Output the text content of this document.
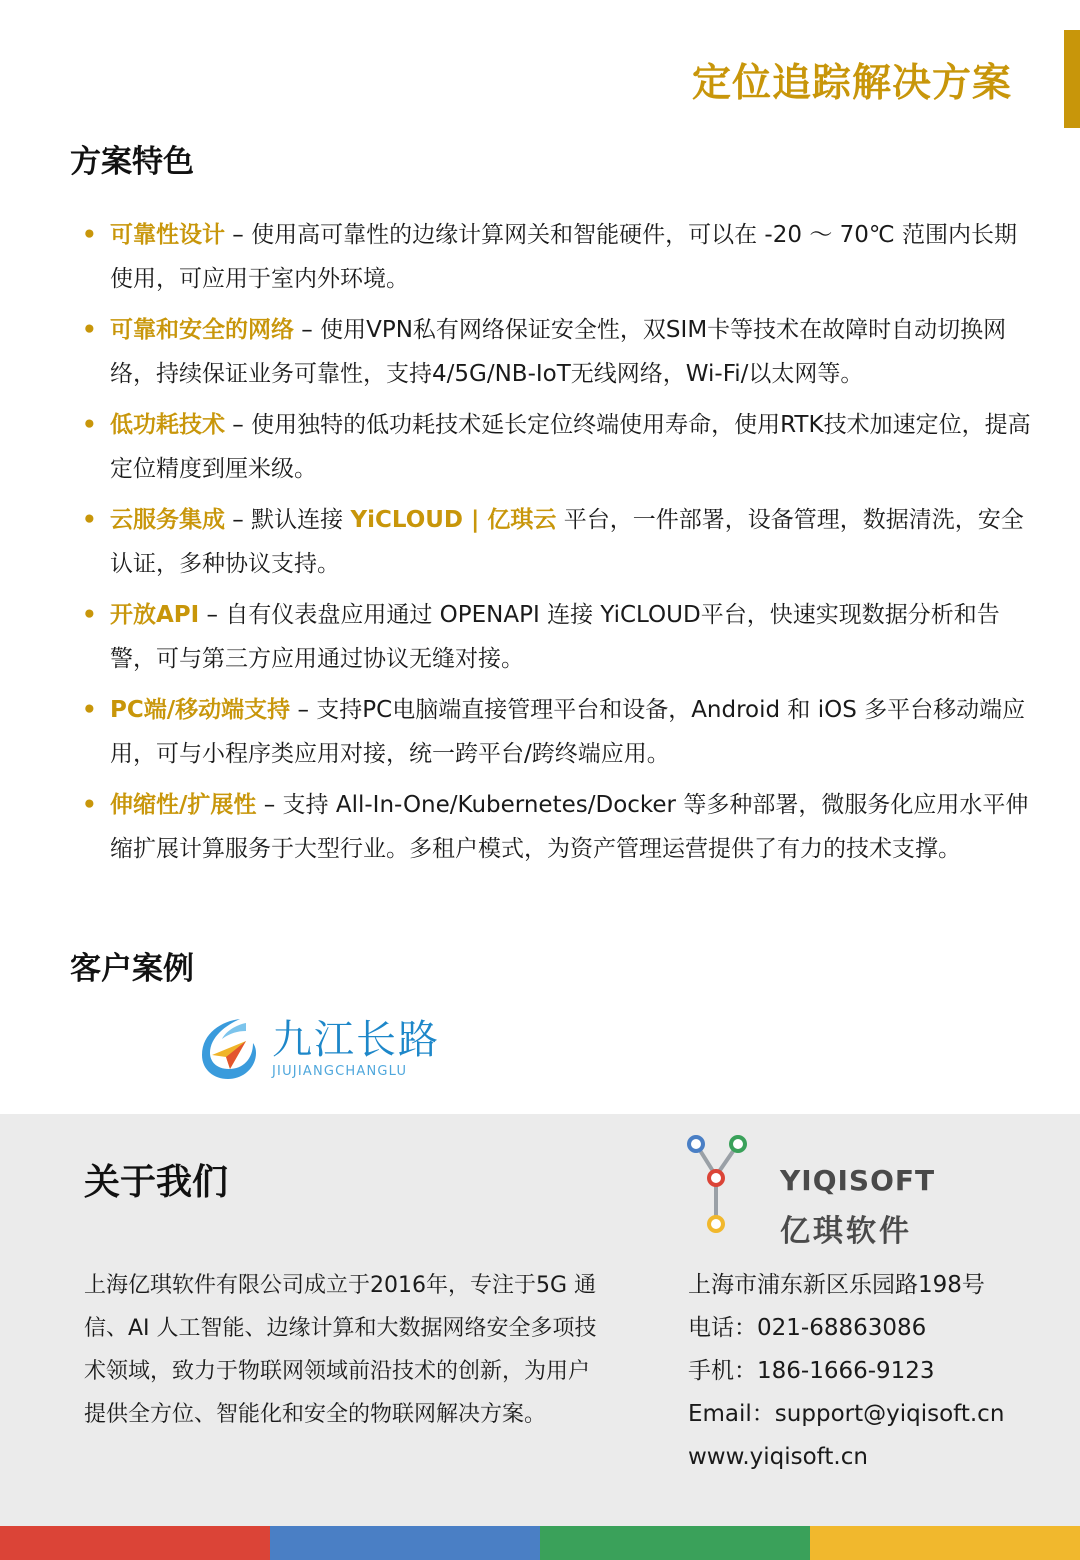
定位追踪解决方案
方案特色
• 可靠性设计 – 使用高可靠性的边缘计算网关和智能硬件，可以在 -20 ～ 70℃ 范围内长期使用，可应用于室内外环境。
• 可靠和安全的网络 – 使用VPN私有网络保证安全性，双SIM卡等技术在故障时自动切换网络，持续保证业务可靠性，支持4/5G/NB-IoT无线网络，Wi-Fi/以太网等。
• 低功耗技术 – 使用独特的低功耗技术延长定位终端使用寿命，使用RTK技术加速定位，提高定位精度到厘米级。
• 云服务集成 – 默认连接 YiCLOUD | 亿琪云 平台，一件部署，设备管理，数据清洗，安全认证，多种协议支持。
• 开放API – 自有仪表盘应用通过 OPENAPI 连接 YiCLOUD平台，快速实现数据分析和告警，可与第三方应用通过协议无缝对接。
• PC端/移动端支持 – 支持PC电脑端直接管理平台和设备，Android 和 iOS 多平台移动端应用，可与小程序类应用对接，统一跨平台/跨终端应用。
• 伸缩性/扩展性 – 支持 All-In-One/Kubernetes/Docker 等多种部署，微服务化应用水平伸缩扩展计算服务于大型行业。多租户模式，为资产管理运营提供了有力的技术支撑。
客户案例
九江长路
JIUJIANGCHANGLU
关于我们

上海亿琪软件有限公司成立于2016年，专注于5G 通信、AI 人工智能、边缘计算和大数据网络安全多项技术领域，致力于物联网领域前沿技术的创新，为用户提供全方位、智能化和安全的物联网解决方案。

YIQISOFT
亿琪软件
上海市浦东新区乐园路198号
电话：021-68863086
手机：186-1666-9123
Email：support@yiqisoft.cn
www.yiqisoft.cn
